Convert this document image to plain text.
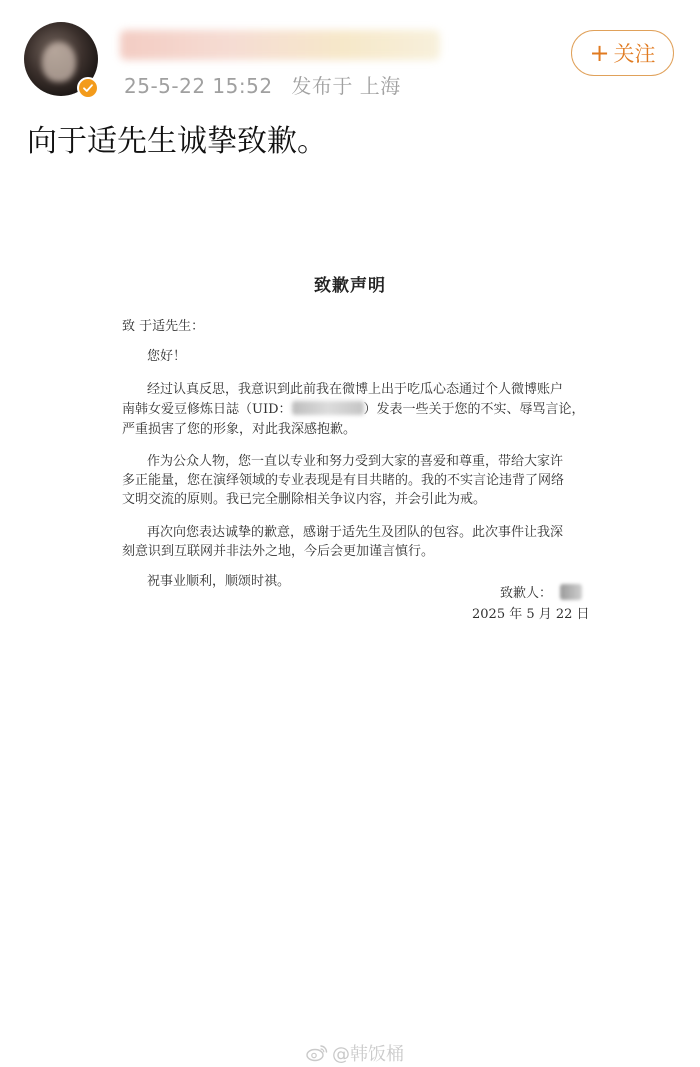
25-5-22 15:52 发布于 上海
+ 关注
向于适先生诚挚致歉。
致歉声明
致 于适先生：
您好！
经过认真反思，我意识到此前我在微博上出于吃瓜心态通过个人微博账户
南韩女爱豆修炼日誌（UID：	）发表一些关于您的不实、辱骂言论，
严重损害了您的形象，对此我深感抱歉。
作为公众人物，您一直以专业和努力受到大家的喜爱和尊重，带给大家许
多正能量，您在演绎领域的专业表现是有目共睹的。我的不实言论违背了网络
文明交流的原则。我已完全删除相关争议内容，并会引此为戒。
再次向您表达诚挚的歉意，感谢于适先生及团队的包容。此次事件让我深
刻意识到互联网并非法外之地，今后会更加谨言慎行。
祝事业顺利，顺颂时祺。
致歉人：
2025 年 5 月 22 日
@韩饭桶
